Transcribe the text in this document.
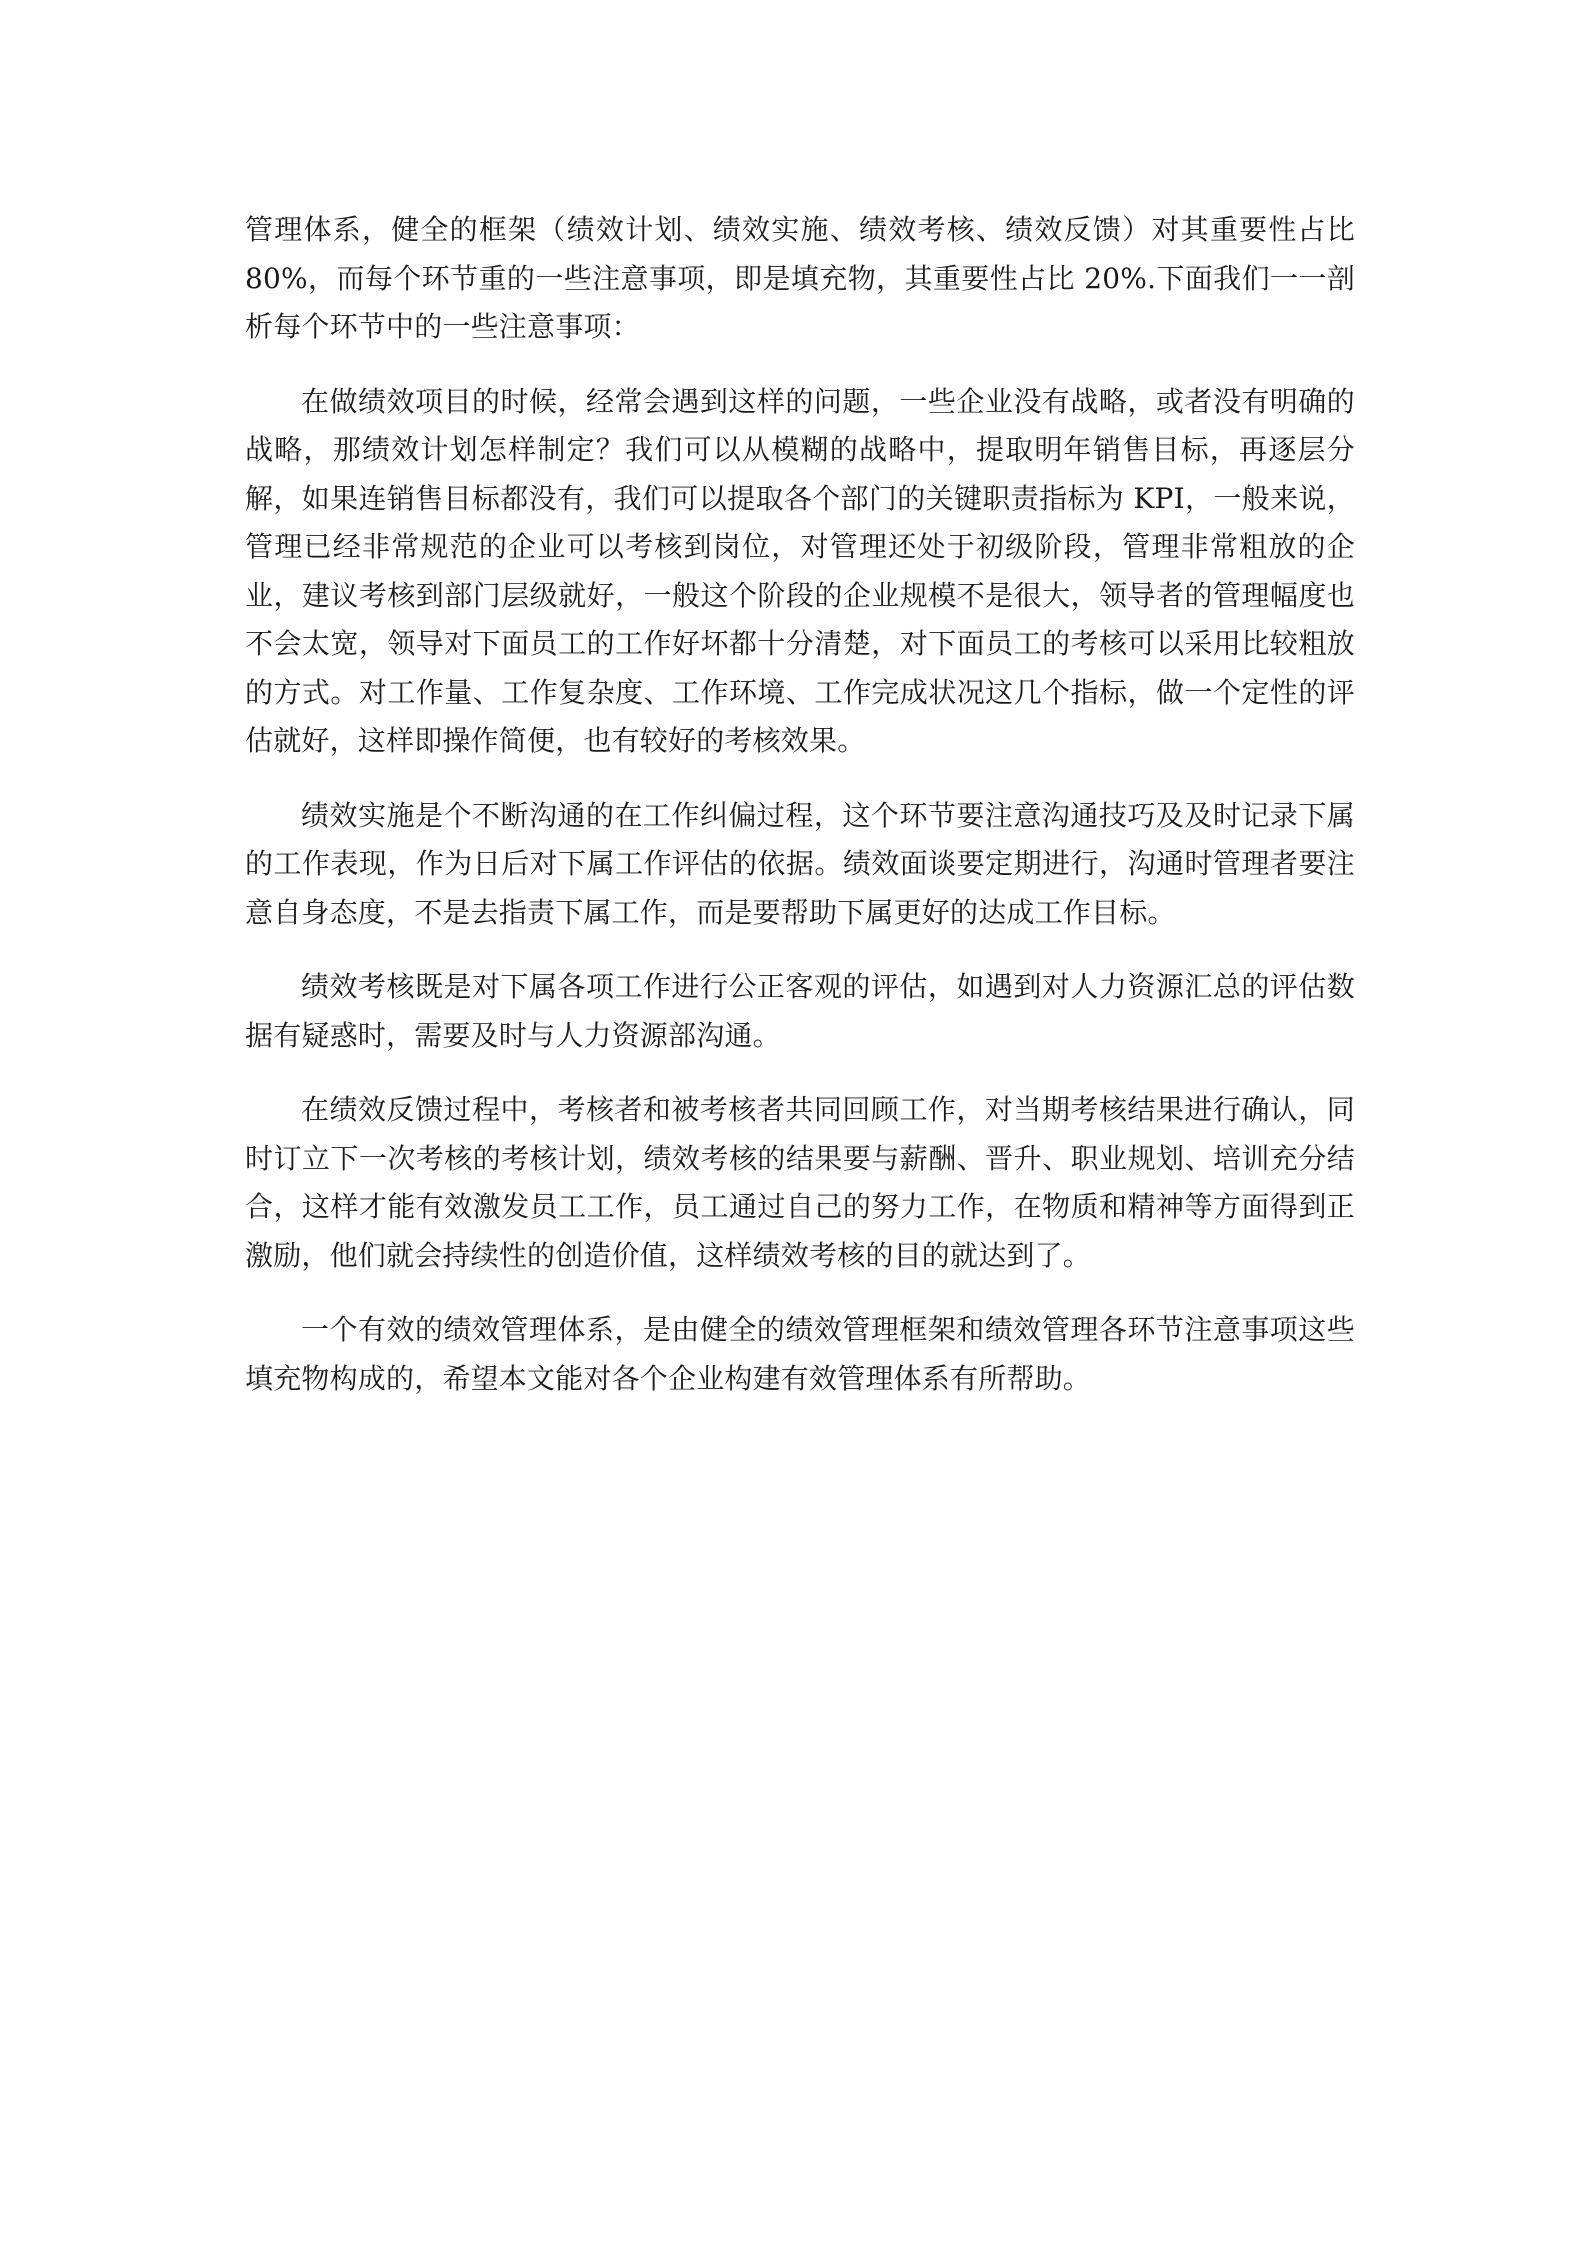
管理体系，健全的框架（绩效计划、绩效实施、绩效考核、绩效反馈）对其重要性占比 80%，而每个环节重的一些注意事项，即是填充物，其重要性占比 20%.下面我们一一剖析每个环节中的一些注意事项：

在做绩效项目的时候，经常会遇到这样的问题，一些企业没有战略，或者没有明确的战略，那绩效计划怎样制定？我们可以从模糊的战略中，提取明年销售目标，再逐层分解，如果连销售目标都没有，我们可以提取各个部门的关键职责指标为 KPI，一般来说，管理已经非常规范的企业可以考核到岗位，对管理还处于初级阶段，管理非常粗放的企业，建议考核到部门层级就好，一般这个阶段的企业规模不是很大，领导者的管理幅度也不会太宽，领导对下面员工的工作好坏都十分清楚，对下面员工的考核可以采用比较粗放的方式。对工作量、工作复杂度、工作环境、工作完成状况这几个指标，做一个定性的评估就好，这样即操作简便，也有较好的考核效果。

绩效实施是个不断沟通的在工作纠偏过程，这个环节要注意沟通技巧及及时记录下属的工作表现，作为日后对下属工作评估的依据。绩效面谈要定期进行，沟通时管理者要注意自身态度，不是去指责下属工作，而是要帮助下属更好的达成工作目标。

绩效考核既是对下属各项工作进行公正客观的评估，如遇到对人力资源汇总的评估数据有疑惑时，需要及时与人力资源部沟通。

在绩效反馈过程中，考核者和被考核者共同回顾工作，对当期考核结果进行确认，同时订立下一次考核的考核计划，绩效考核的结果要与薪酬、晋升、职业规划、培训充分结合，这样才能有效激发员工工作，员工通过自己的努力工作，在物质和精神等方面得到正激励，他们就会持续性的创造价值，这样绩效考核的目的就达到了。

一个有效的绩效管理体系，是由健全的绩效管理框架和绩效管理各环节注意事项这些填充物构成的，希望本文能对各个企业构建有效管理体系有所帮助。
